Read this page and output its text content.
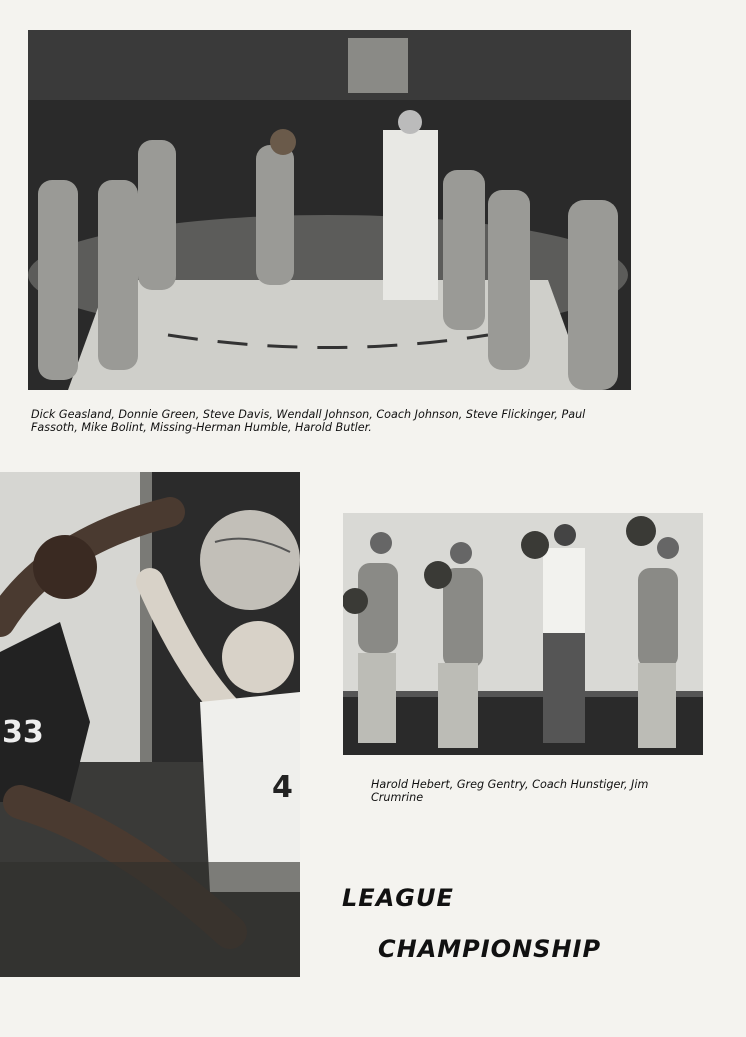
Dick Geasland, Donnie Green, Steve Davis, Wendall Johnson, Coach Johnson, Steve Flickinger, Paul Fassoth, Mike Bolint, Missing-Herman Humble, Harold Butler.
33
4	Harold Hebert, Greg Gentry, Coach Hunstiger, Jim Crumrine
LEAGUE
CHAMPIONSHIP
